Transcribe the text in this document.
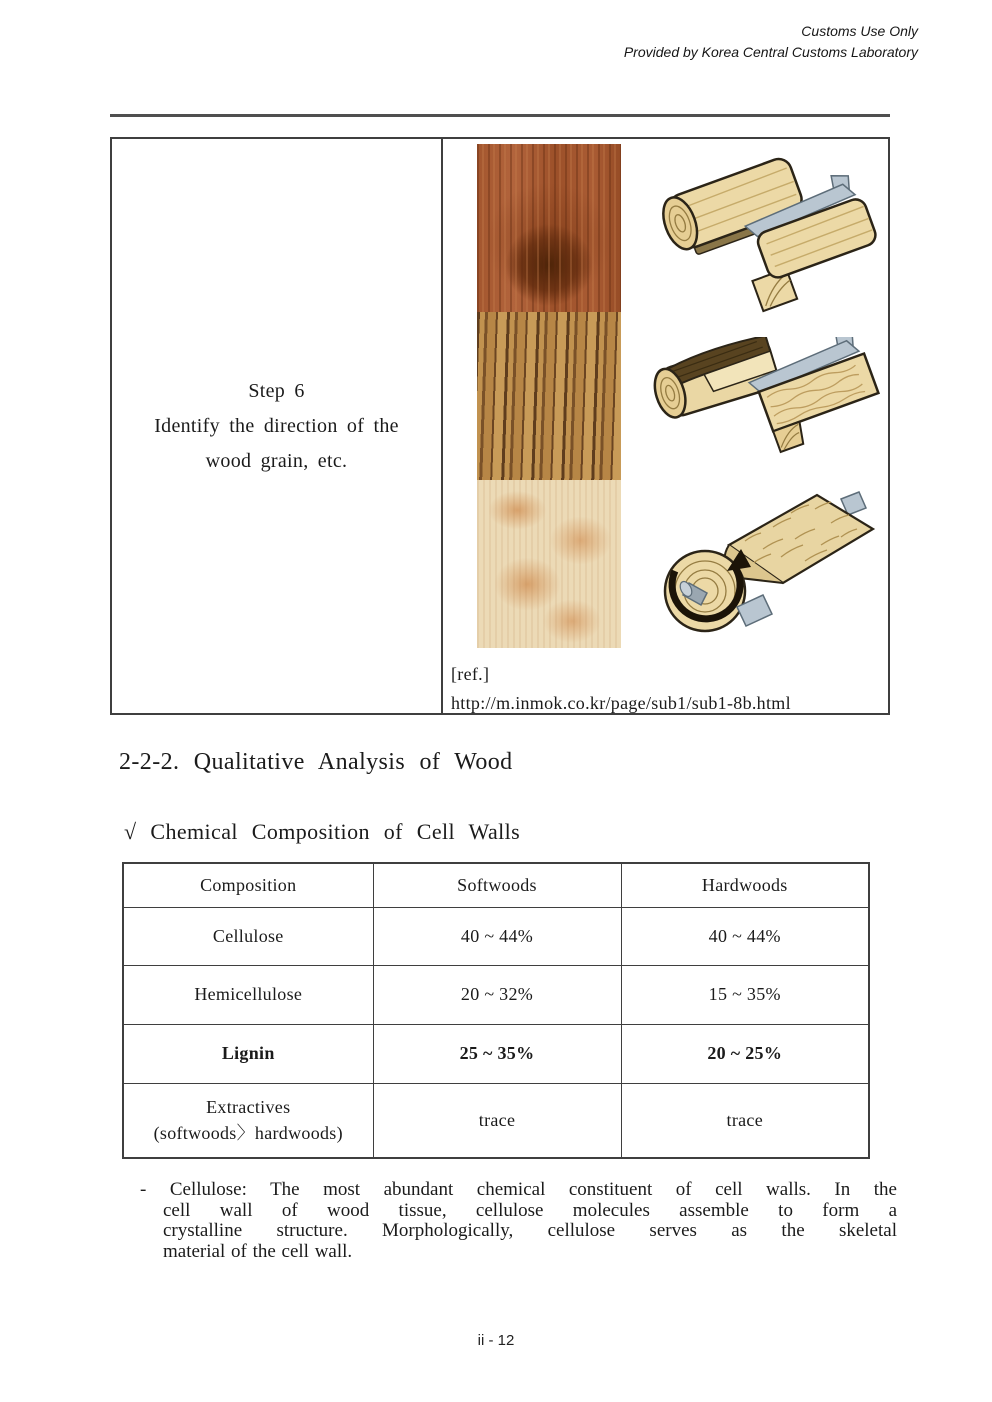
Customs Use Only
Provided by Korea Central Customs Laboratory
Step 6
Identify the direction of the
wood grain, etc.
[ref.]
http://m.inmok.co.kr/page/sub1/sub1-8b.html
2-2-2. Qualitative Analysis of Wood
√ Chemical Composition of Cell Walls
Composition	Softwoods	Hardwoods
Cellulose	40 ~ 44%	40 ~ 44%
Hemicellulose	20 ~ 32%	15 ~ 35%
Lignin	25 ~ 35%	20 ~ 25%

Extractives
(softwoods〉hardwoods)	trace	trace
- Cellulose: The most abundant chemical constituent of cell walls. In the
cell wall of wood tissue, cellulose molecules assemble to form a
crystalline structure. Morphologically, cellulose serves as the skeletal
material of the cell wall.
ii - 12
